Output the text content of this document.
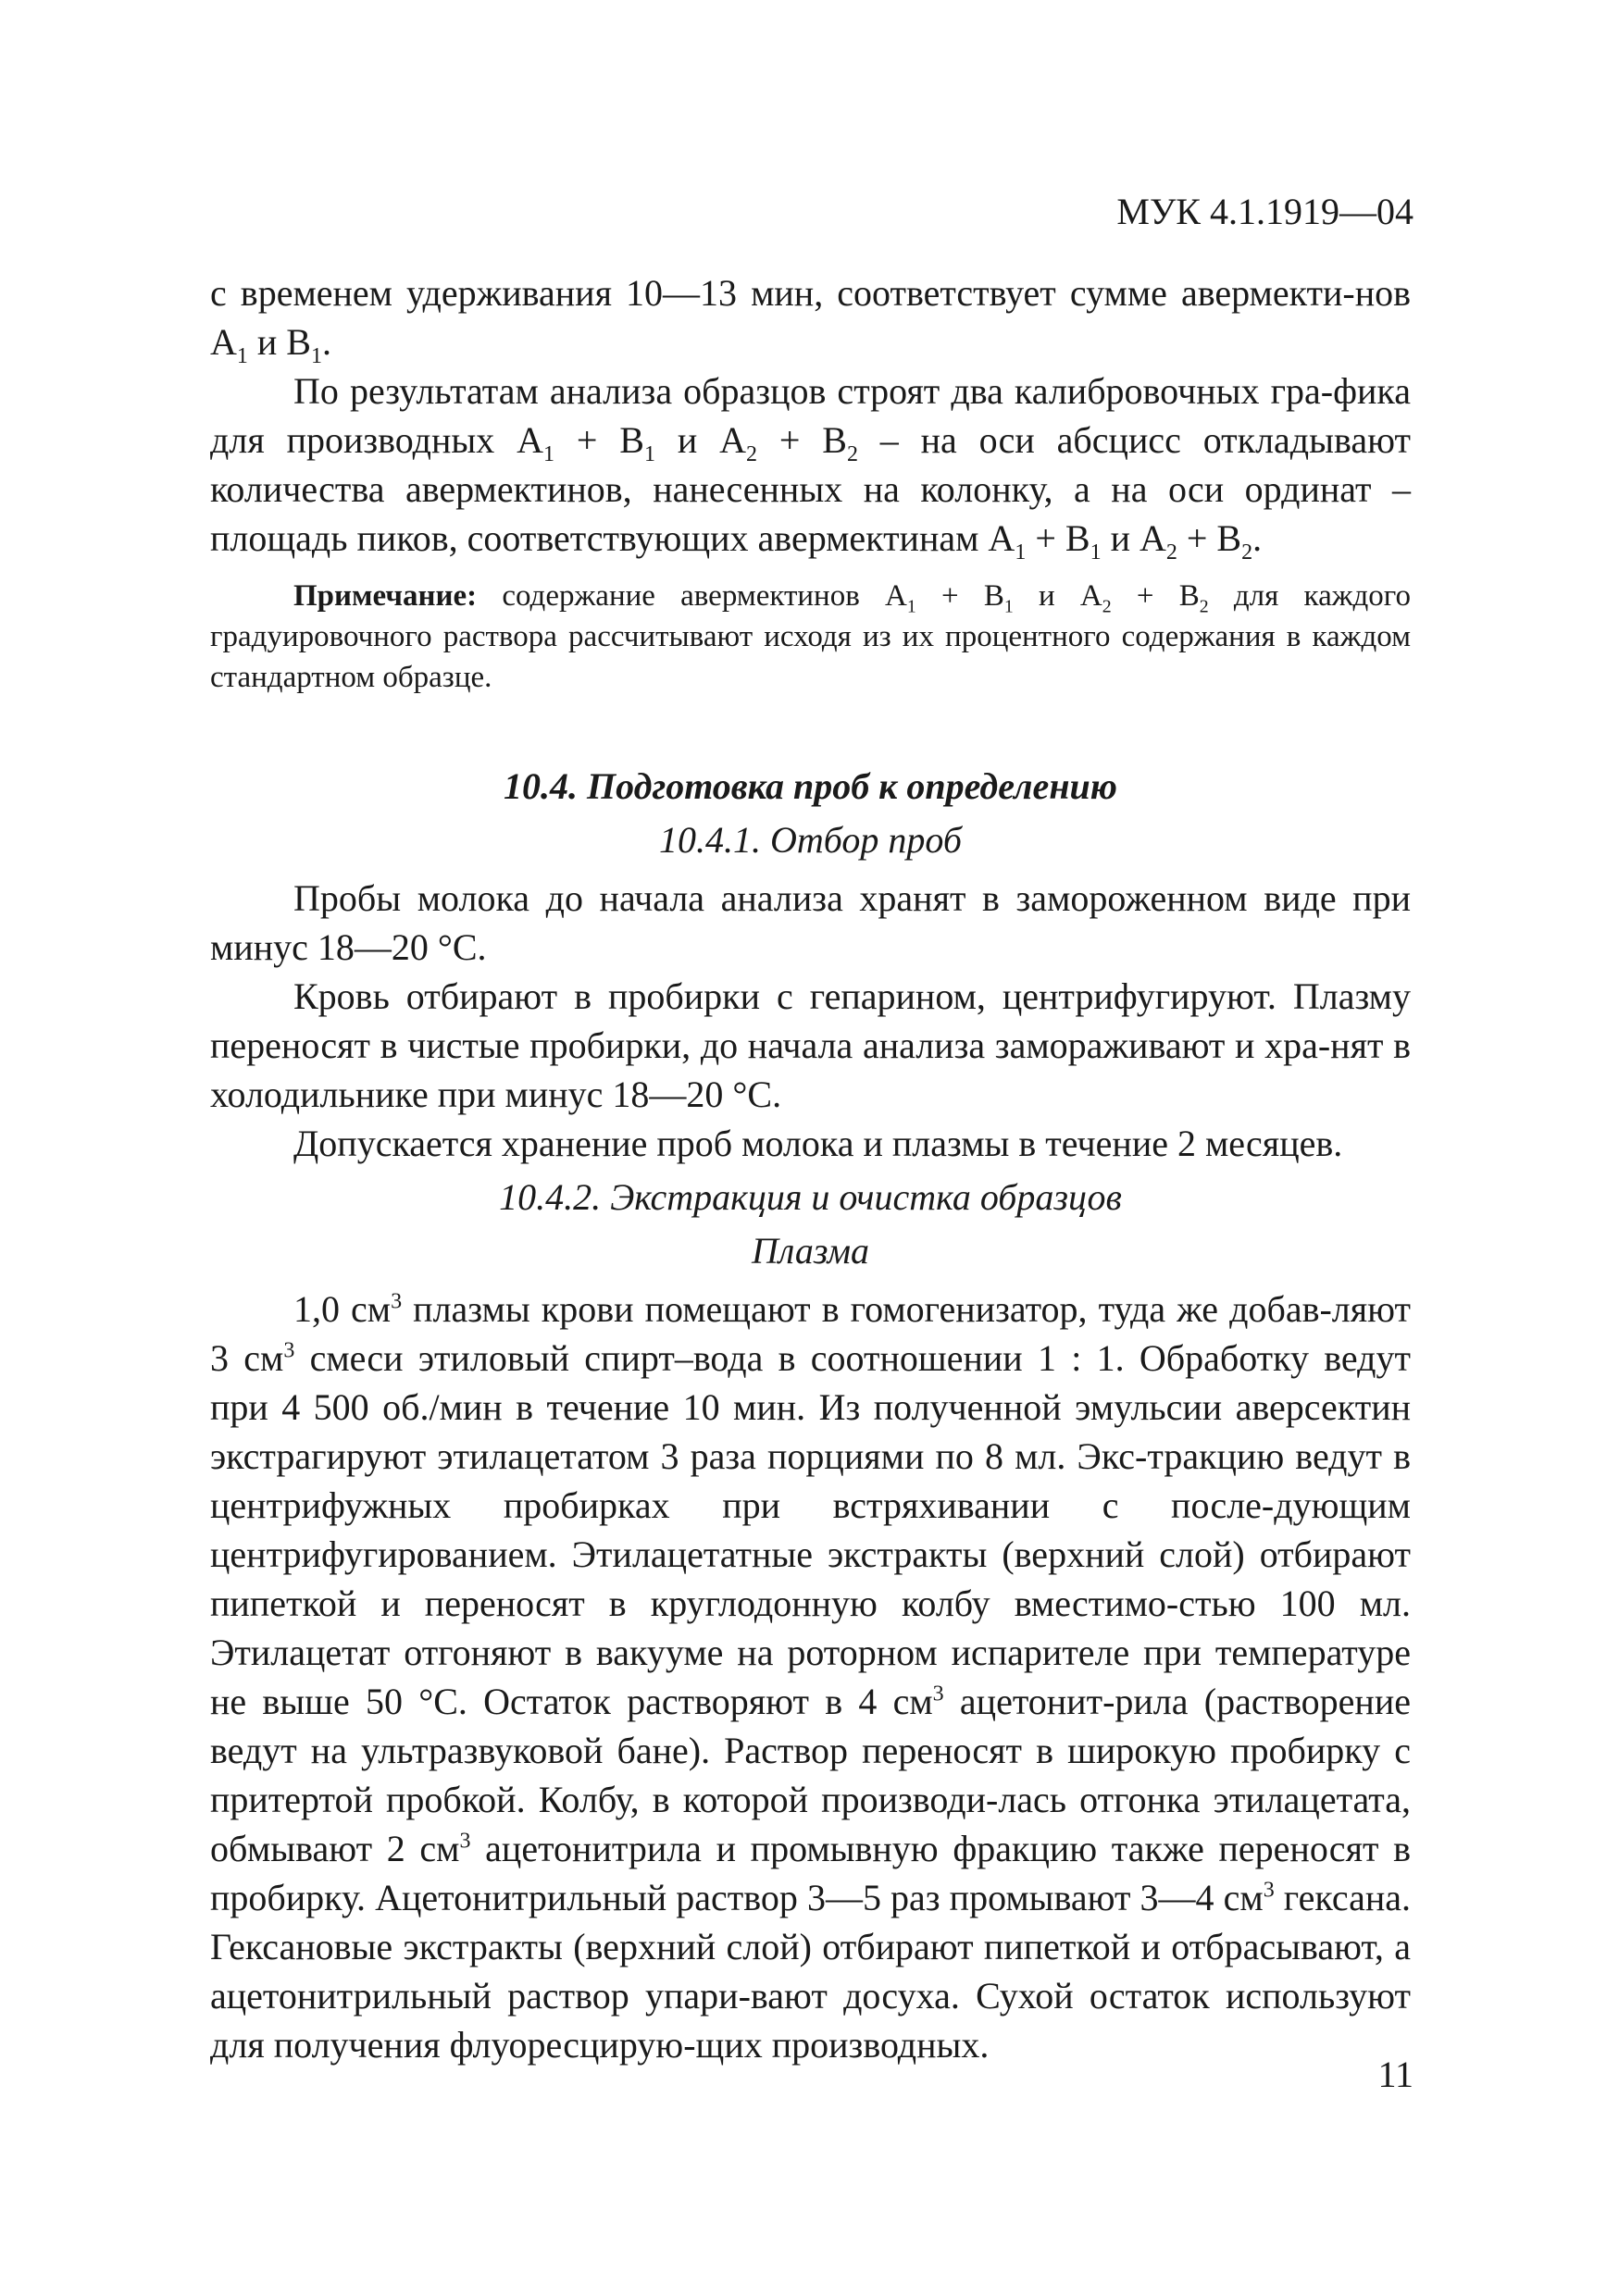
МУК 4.1.1919—04

с временем удерживания 10—13 мин, соответствует сумме авермекти-нов $A_1$ и $B_1$.

По результатам анализа образцов строят два калибровочных гра-фика для производных $A_1 + B_1$ и $A_2 + B_2$ – на оси абсцисс откладывают количества авермектинов, нанесенных на колонку, а на оси ординат – площадь пиков, соответствующих авермектинам $A_1 + B_1$ и $A_2 + B_2$.

Примечание: содержание авермектинов $A_1 + B_1$ и $A_2 + B_2$ для каждого градуировочного раствора рассчитывают исходя из их процентного содержания в каждом стандартном образце.

10.4. Подготовка проб к определению
10.4.1. Отбор проб

Пробы молока до начала анализа хранят в замороженном виде при минус 18—20 °С.

Кровь отбирают в пробирки с гепарином, центрифугируют. Плазму переносят в чистые пробирки, до начала анализа замораживают и хра-нят в холодильнике при минус 18—20 °С.

Допускается хранение проб молока и плазмы в течение 2 месяцев.

10.4.2. Экстракция и очистка образцов
Плазма

1,0 $см^3$ плазмы крови помещают в гомогенизатор, туда же добав-ляют 3 $см^3$ смеси этиловый спирт–вода в соотношении 1 : 1. Обработку ведут при 4 500 об./мин в течение 10 мин. Из полученной эмульсии аверсектин экстрагируют этилацетатом 3 раза порциями по 8 мл. Экс-тракцию ведут в центрифужных пробирках при встряхивании с после-дующим центрифугированием. Этилацетатные экстракты (верхний слой) отбирают пипеткой и переносят в круглодонную колбу вместимо-стью 100 мл. Этилацетат отгоняют в вакууме на роторном испарителе при температуре не выше 50 °С. Остаток растворяют в 4 $см^3$ ацетонит-рила (растворение ведут на ультразвуковой бане). Раствор переносят в широкую пробирку с притертой пробкой. Колбу, в которой производи-лась отгонка этилацетата, обмывают 2 $см^3$ ацетонитрила и промывную фракцию также переносят в пробирку. Ацетонитрильный раствор 3—5 раз промывают 3—4 $см^3$ гексана. Гексановые экстракты (верхний слой) отбирают пипеткой и отбрасывают, а ацетонитрильный раствор упари-вают досуха. Сухой остаток используют для получения флуоресцирую-щих производных.

11
